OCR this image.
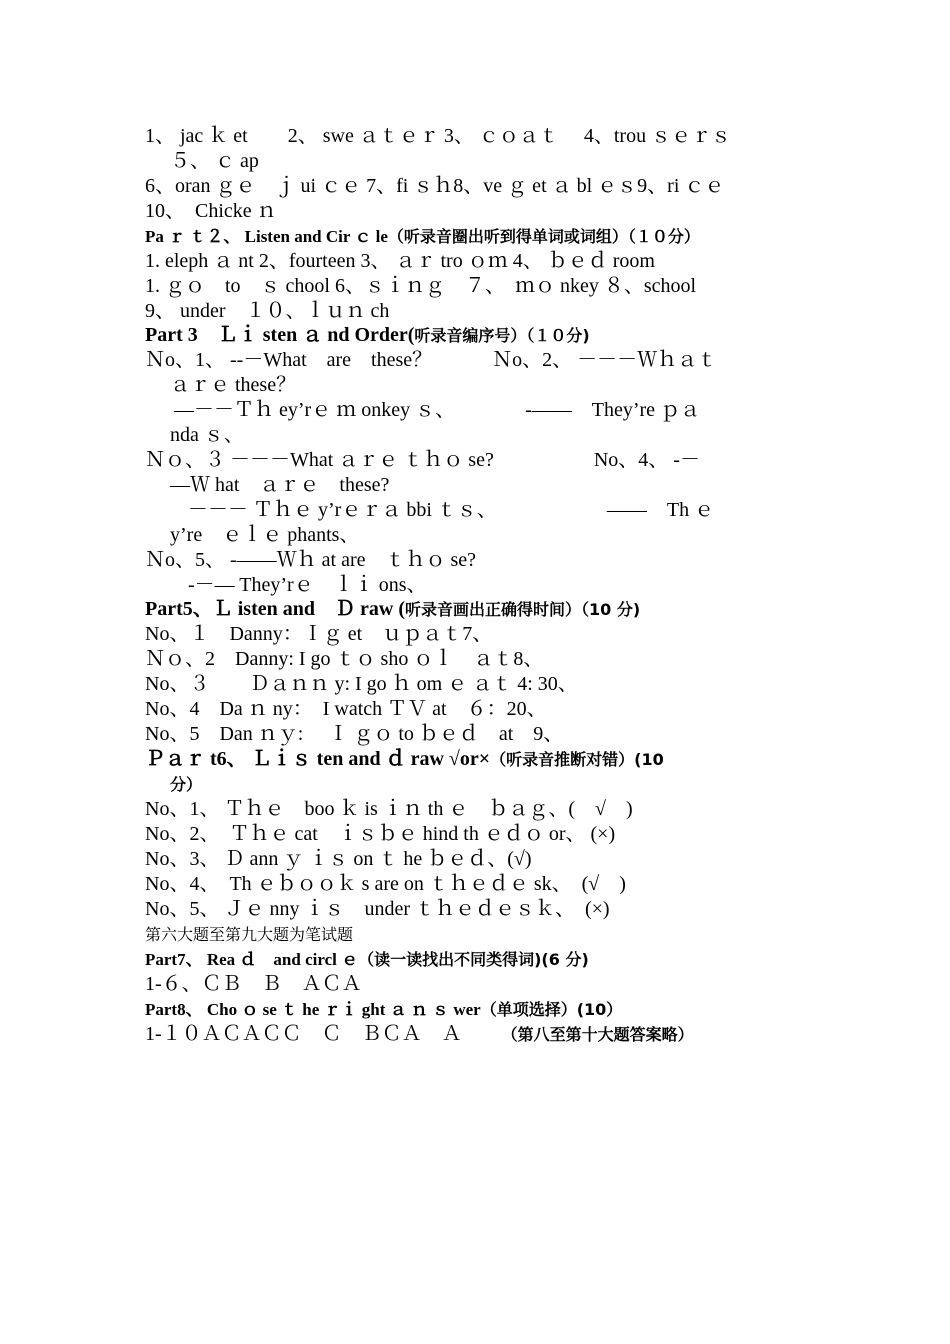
1、 jac ｋ et　　2、 swe ａｔｅｒ 3、 ｃｏａｔ　 4、trou ｓｅｒｓ
５、 ｃ ap
6、oran ｇｅ　ｊ ui ｃｅ 7、fi ｓｈ8、ve ｇ et ａ bl ｅｓ9、ri ｃｅ
10、　Chicke ｎ
Pa ｒ ｔ２、 Listen and Cir ｃ le（听录音圈出听到得单词或词组）（１０分）
1. eleph ａ nt 2、fourteen 3、 ａｒ tro ｏｍ 4、 ｂｅｄ room
1. ｇｏ　to　ｓ chool 6、ｓｉｎｇ　７、　ｍｏ nkey ８、school
9、 under　１０、ｌｕｎ ch
Part 3　Ｌｉ sten ａ nd Order(听录音编序号）（１０分)
Ｎo、1、 --－What　are　these？　　　Ｎo、2、 －－－Ｗｈａｔ
ａｒｅ these？
—－－Ｔｈ ey’rｅ ｍ onkey ｓ、　　　　-——　They’re ｐａ
nda ｓ、
Ｎｏ、３ －－－What ａｒｅ ｔｈｏ se?　　　　　No、4、 -－
—Ｗ hat　ａｒｅ　these?
－－－ Ｔｈｅ y’rｅｒａ bbi ｔｓ、　　　　　　——　Th ｅ
y’re　ｅｌｅ phants、
Ｎo、5、 -——Ｗｈ at are　ｔｈｏ se?
-－— They’rｅ　ｌｉ ons、
Part5、Ｌ isten and　Ｄ raw (听录音画出正确得时间）（10 分)
No、１　Danny：Ｉｇ et　ｕｐａｔ7、
Ｎｏ、2　Danny: I go ｔｏ sho ｏｌ　ａｔ8、
No、３　　Ｄａｎｎ y: I go ｈ om ｅ ａｔ 4: 30、
No、4　Da ｎ ny：　I watch ＴＶ at　６：20、
No、5　Dan ｎｙ: 　Ｉ ｇｏ to ｂｅｄ　at　9、
Ｐａｒ t6、 Ｌｉｓ ten and ｄ raw √or×（听录音推断对错）(10
分）
No、1、 Ｔｈｅ　boo ｋ is ｉｎ th ｅ　ｂａｇ、(　√　)
No、2、　Ｔｈｅ cat　ｉｓｂｅ hind th ｅｄｏ or、 (×)
No、3、 Ｄ ann ｙ ｉｓ on ｔ he ｂｅｄ、(√)
No、4、　Th ｅｂｏｏｋ s are on ｔｈｅｄｅ sk、　(√　)
No、5、 Ｊｅ nny ｉｓ　under ｔｈｅｄｅｓｋ、　(×)
第六大题至第九大题为笔试题
Part7、 Rea ｄ　and circl ｅ（读一读找出不同类得词)(6 分)
1-６、ＣＢ　Ｂ　ＡＣＡ
Part8、 Cho ｏ se ｔ he ｒｉ ght ａ ｎ ｓ wer（单项选择）(10）
1-１０ＡＣＡＣＣ　Ｃ　ＢＣＡ　Ａ	（第八至第十大题答案略）
